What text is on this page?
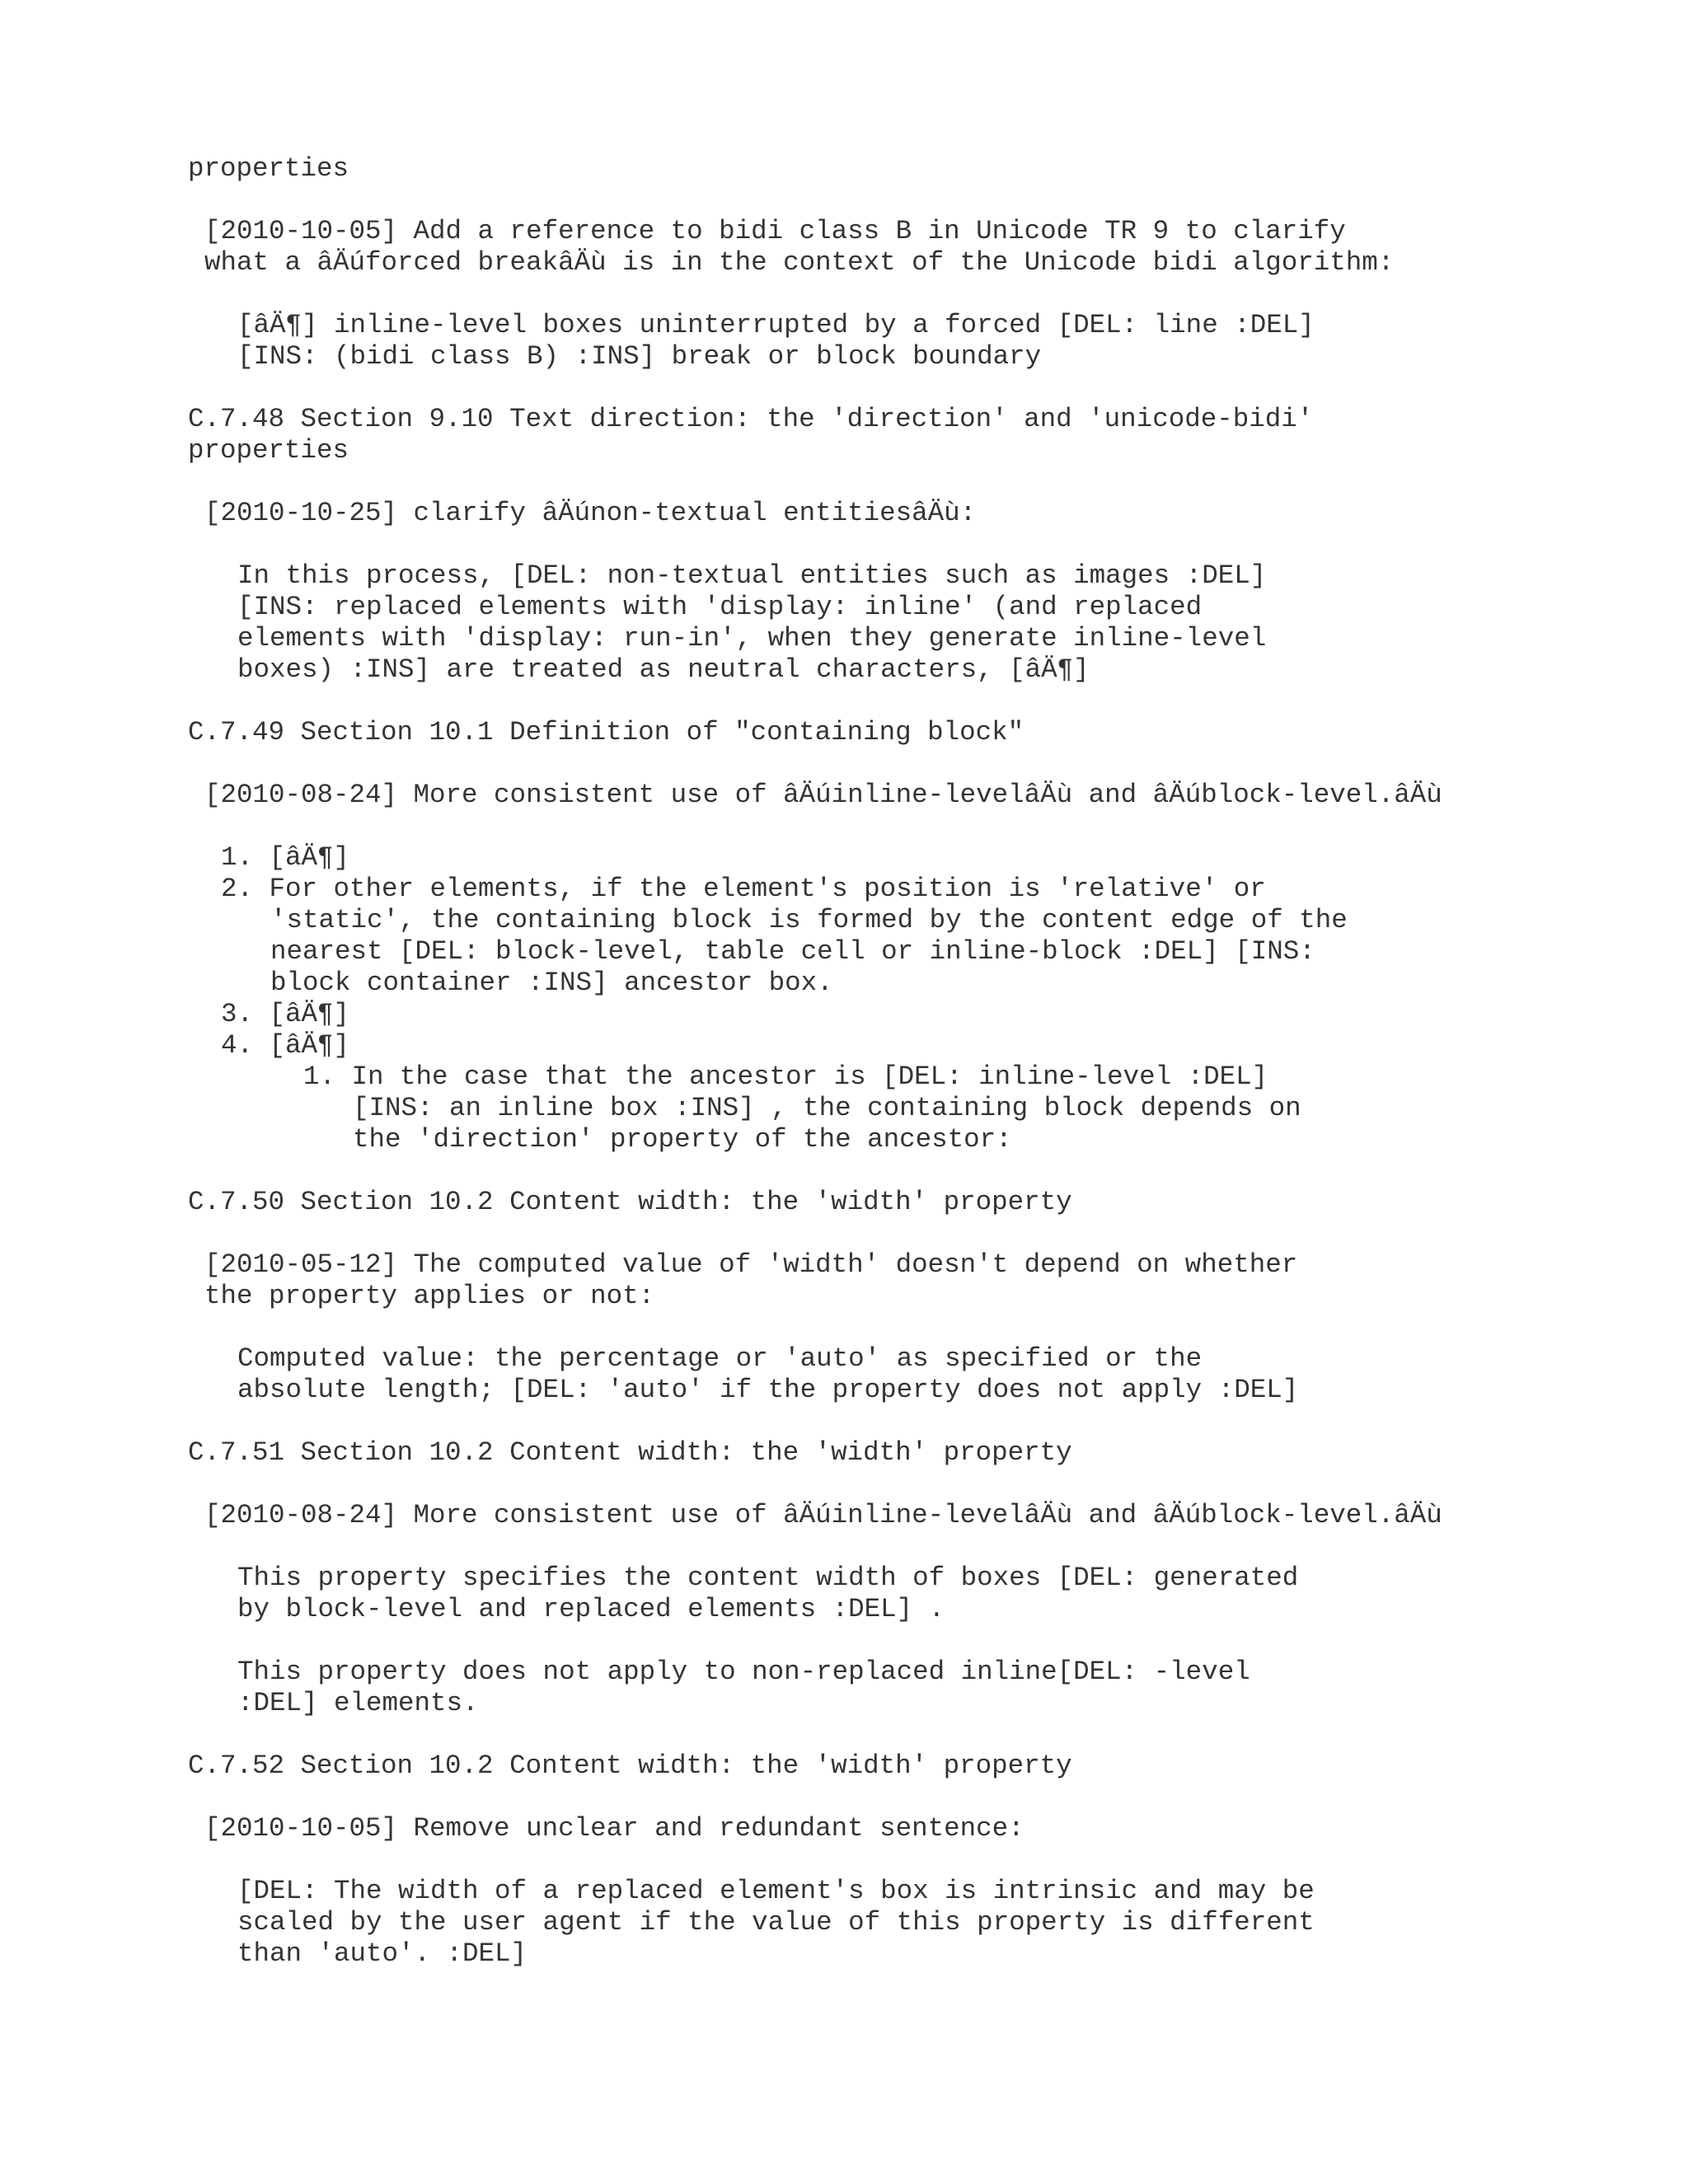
properties
[2010-10-05] Add a reference to bidi class B in Unicode TR 9 to clarify
what a âÄúforced breakâÄù is in the context of the Unicode bidi algorithm:
[âÄ¶] inline-level boxes uninterrupted by a forced [DEL: line :DEL]
[INS: (bidi class B) :INS] break or block boundary
C.7.48 Section 9.10 Text direction: the 'direction' and 'unicode-bidi'
properties
[2010-10-25] clarify âÄúnon-textual entitiesâÄù:
In this process, [DEL: non-textual entities such as images :DEL]
[INS: replaced elements with 'display: inline' (and replaced
elements with 'display: run-in', when they generate inline-level
boxes) :INS] are treated as neutral characters, [âÄ¶]
C.7.49 Section 10.1 Definition of "containing block"
[2010-08-24] More consistent use of âÄúinline-levelâÄù and âÄúblock-level.âÄù
1. [âÄ¶]
2. For other elements, if the element's position is 'relative' or
'static', the containing block is formed by the content edge of the
nearest [DEL: block-level, table cell or inline-block :DEL] [INS:
block container :INS] ancestor box.
3. [âÄ¶]
4. [âÄ¶]
1. In the case that the ancestor is [DEL: inline-level :DEL]
[INS: an inline box :INS] , the containing block depends on
the 'direction' property of the ancestor:
C.7.50 Section 10.2 Content width: the 'width' property
[2010-05-12] The computed value of 'width' doesn't depend on whether
the property applies or not:
Computed value: the percentage or 'auto' as specified or the
absolute length; [DEL: 'auto' if the property does not apply :DEL]
C.7.51 Section 10.2 Content width: the 'width' property
[2010-08-24] More consistent use of âÄúinline-levelâÄù and âÄúblock-level.âÄù
This property specifies the content width of boxes [DEL: generated
by block-level and replaced elements :DEL] .
This property does not apply to non-replaced inline[DEL: -level
:DEL] elements.
C.7.52 Section 10.2 Content width: the 'width' property
[2010-10-05] Remove unclear and redundant sentence:
[DEL: The width of a replaced element's box is intrinsic and may be
scaled by the user agent if the value of this property is different
than 'auto'. :DEL]
